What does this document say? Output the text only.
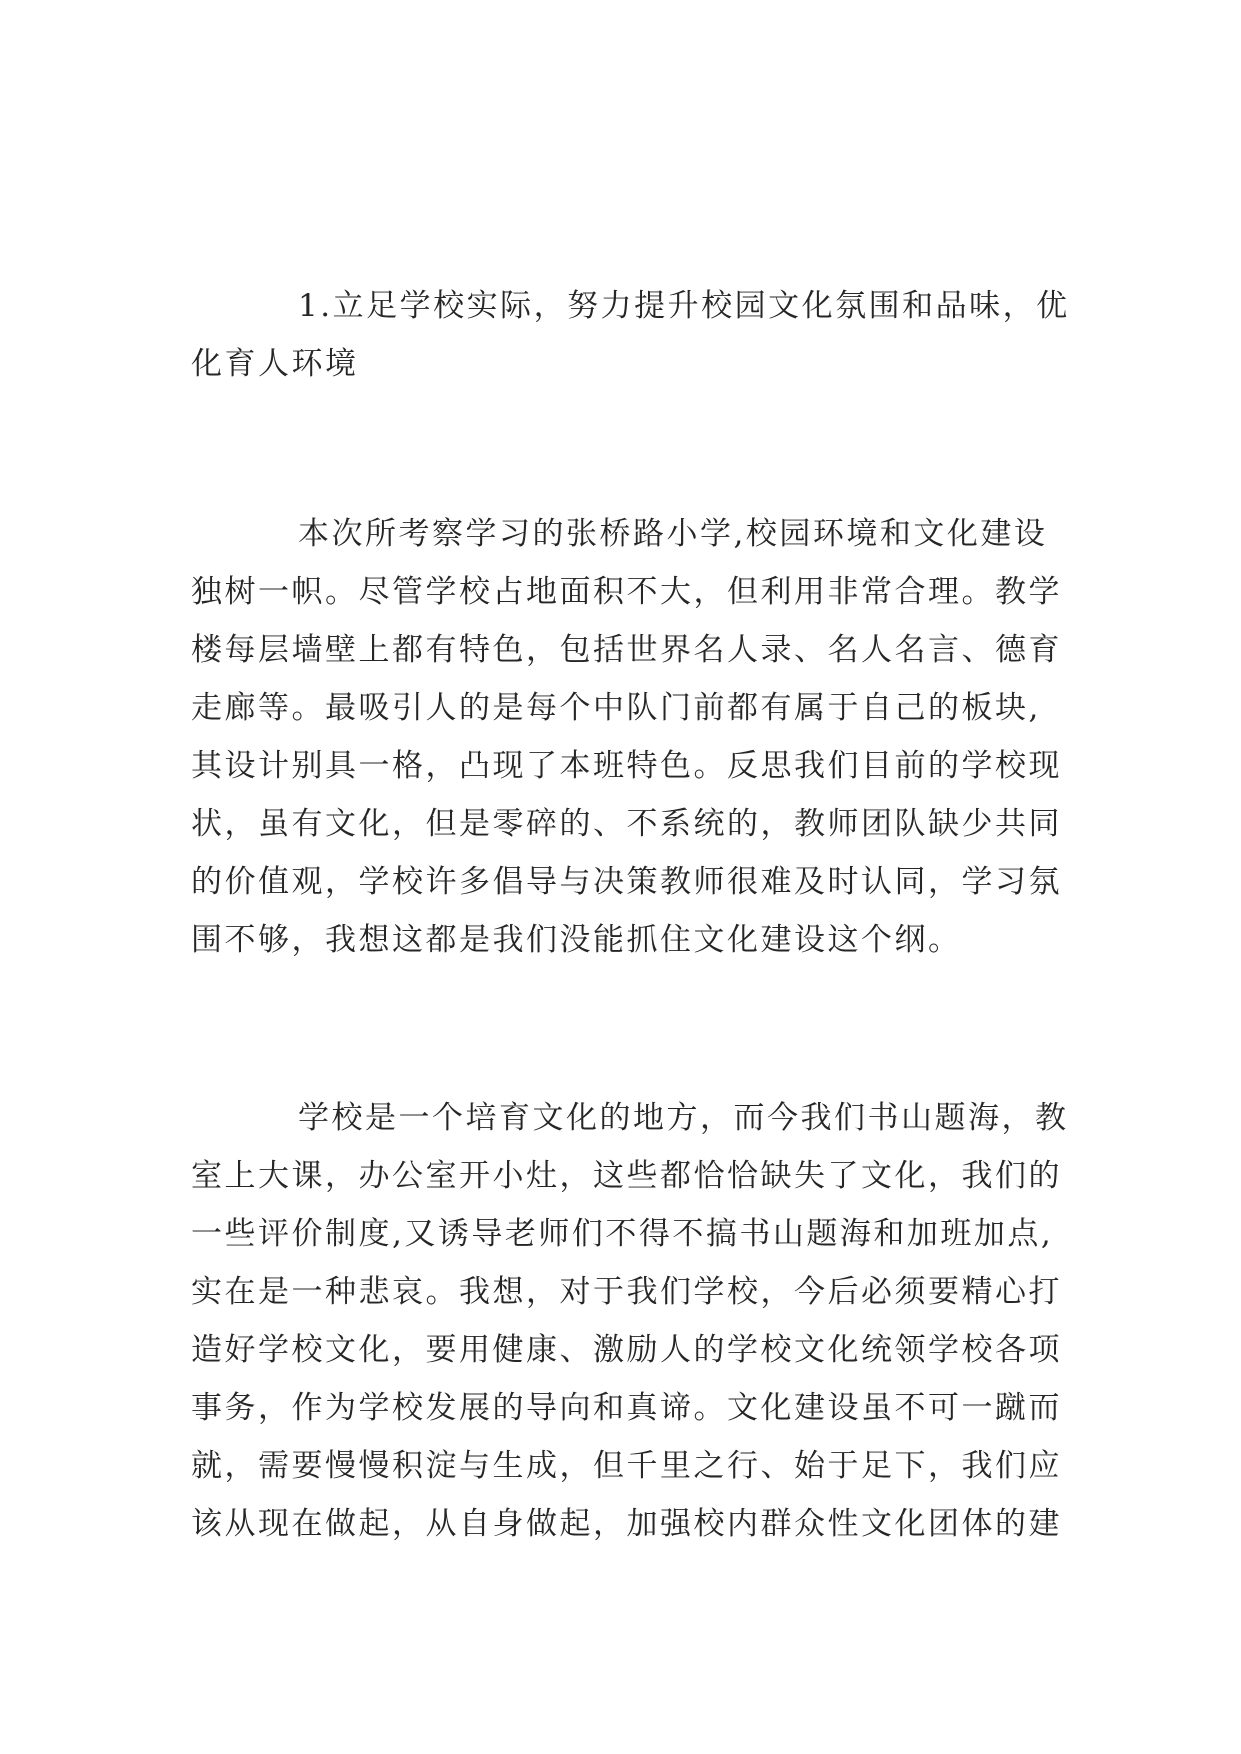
1.立足学校实际，努力提升校园文化氛围和品味，优
化育人环境
本次所考察学习的张桥路小学,校园环境和文化建设
独树一帜。尽管学校占地面积不大，但利用非常合理。教学
楼每层墙壁上都有特色，包括世界名人录、名人名言、德育
走廊等。最吸引人的是每个中队门前都有属于自己的板块,
其设计别具一格，凸现了本班特色。反思我们目前的学校现
状，虽有文化，但是零碎的、不系统的，教师团队缺少共同
的价值观，学校许多倡导与决策教师很难及时认同，学习氛
围不够，我想这都是我们没能抓住文化建设这个纲。
学校是一个培育文化的地方，而今我们书山题海，教
室上大课，办公室开小灶，这些都恰恰缺失了文化，我们的
一些评价制度,又诱导老师们不得不搞书山题海和加班加点,
实在是一种悲哀。我想，对于我们学校，今后必须要精心打
造好学校文化，要用健康、激励人的学校文化统领学校各项
事务，作为学校发展的导向和真谛。文化建设虽不可一蹴而
就，需要慢慢积淀与生成，但千里之行、始于足下，我们应
该从现在做起，从自身做起，加强校内群众性文化团体的建
